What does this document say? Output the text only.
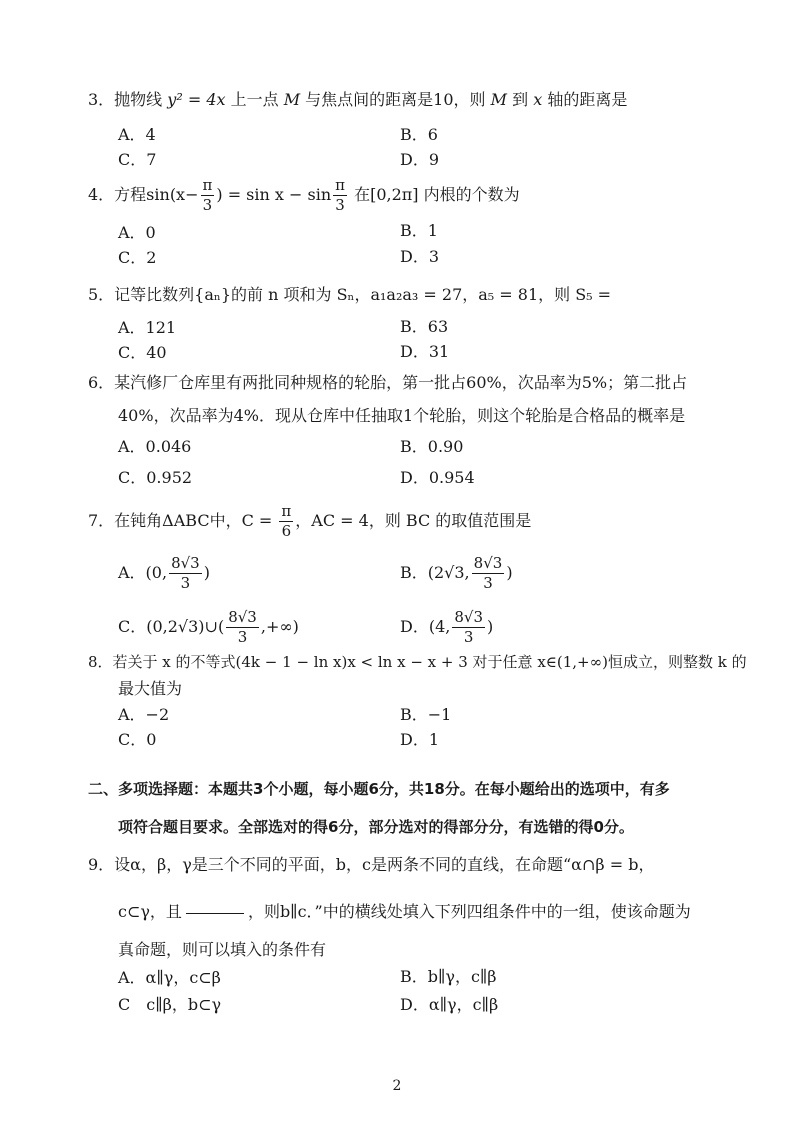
3．抛物线 y² = 4x 上一点 M 与焦点间的距离是10，则 M 到 x 轴的距离是
A．4	B．6
C．7	D．9
4．方程$\sin(x- \frac{\pi}{3}$ ) = $\sin x - \sin \frac{\pi}{3}$ 在[0,2π] 内根的个数为
A．0	B．1
C．2	D．3
5．记等比数列{aₙ}的前 n 项和为 Sₙ，a₁a₂a₃ = 27，a₅ = 81，则 S₅ =
A．121	B．63
C．40	D．31
6．某汽修厂仓库里有两批同种规格的轮胎，第一批占60%，次品率为5%；第二批占
40%，次品率为4%．现从仓库中任抽取1个轮胎，则这个轮胎是合格品的概率是
A．0.046	B．0.90
C．0.952	D．0.954
7．在钝角ΔABC中，$C = \frac{\pi}{6}$ ，AC = 4，则 BC 的取值范围是
A．(0, $\frac{8√3}{3}$ )	B．(2√3, $\frac{8√3}{3}$ )
C．(0,2√3)∪( $\frac{8√3}{3}$ ,+∞)	D．(4, $\frac{8√3}{3}$ )
8．若关于 x 的不等式(4k − 1 − ln x)x < ln x − x + 3 对于任意 x∈(1,+∞)恒成立，则整数 k 的
最大值为
A．−2	B．−1
C．0	D．1
二、多项选择题：本题共3个小题，每小题6分，共18分。在每小题给出的选项中，有多
项符合题目要求。全部选对的得6分，部分选对的得部分分，有选错的得0分。
9．设α，β，γ是三个不同的平面，b，c是两条不同的直线，在命题“α∩β = b，
c⊂γ，且	，则b∥c．”中的横线处填入下列四组条件中的一组，使该命题为
真命题，则可以填入的条件有
A．α∥γ，c⊂β	B．b∥γ，c∥β
C　c∥β，b⊂γ	D．α∥γ，c∥β
2
